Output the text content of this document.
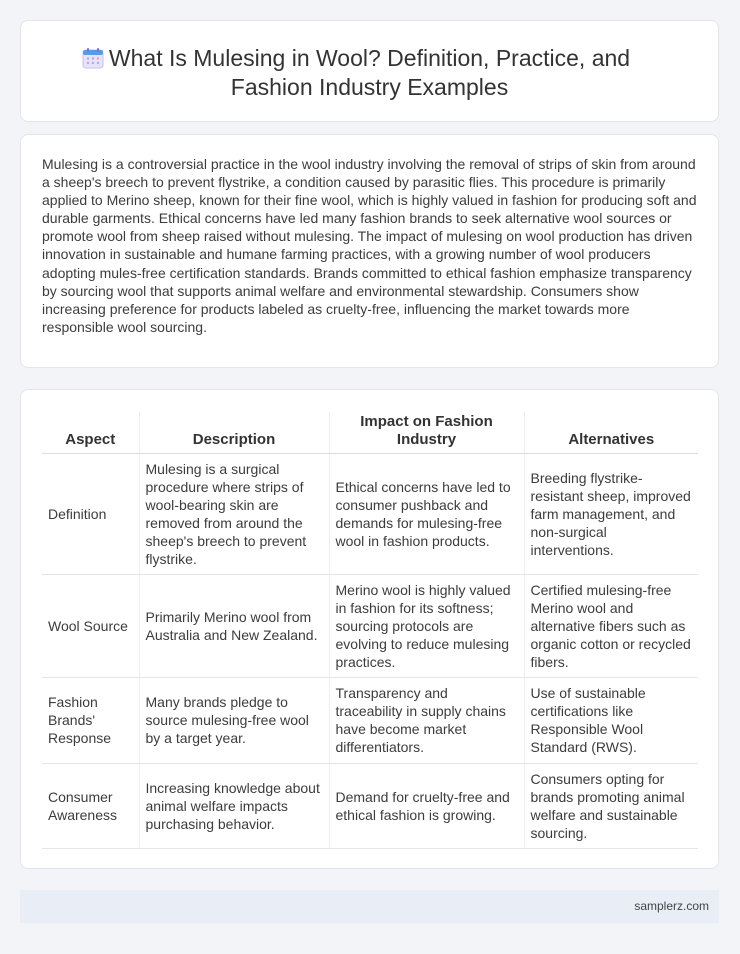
What Is Mulesing in Wool? Definition, Practice, and Fashion Industry Examples

Mulesing is a controversial practice in the wool industry involving the removal of strips of skin from around a sheep's breech to prevent flystrike, a condition caused by parasitic flies. This procedure is primarily applied to Merino sheep, known for their fine wool, which is highly valued in fashion for producing soft and durable garments. Ethical concerns have led many fashion brands to seek alternative wool sources or promote wool from sheep raised without mulesing. The impact of mulesing on wool production has driven innovation in sustainable and humane farming practices, with a growing number of wool producers adopting mules-free certification standards. Brands committed to ethical fashion emphasize transparency by sourcing wool that supports animal welfare and environmental stewardship. Consumers show increasing preference for products labeled as cruelty-free, influencing the market towards more responsible wool sourcing.

Aspect	Description	Impact on Fashion Industry	Alternatives
Definition	Mulesing is a surgical procedure where strips of wool-bearing skin are removed from around the sheep's breech to prevent flystrike.	Ethical concerns have led to consumer pushback and demands for mulesing-free wool in fashion products.	Breeding flystrike-resistant sheep, improved farm management, and non-surgical interventions.
Wool Source	Primarily Merino wool from Australia and New Zealand.	Merino wool is highly valued in fashion for its softness; sourcing protocols are evolving to reduce mulesing practices.	Certified mulesing-free Merino wool and alternative fibers such as organic cotton or recycled fibers.
Fashion Brands' Response	Many brands pledge to source mulesing-free wool by a target year.	Transparency and traceability in supply chains have become market differentiators.	Use of sustainable certifications like Responsible Wool Standard (RWS).
Consumer Awareness	Increasing knowledge about animal welfare impacts purchasing behavior.	Demand for cruelty-free and ethical fashion is growing.	Consumers opting for brands promoting animal welfare and sustainable sourcing.
samplerz.com
